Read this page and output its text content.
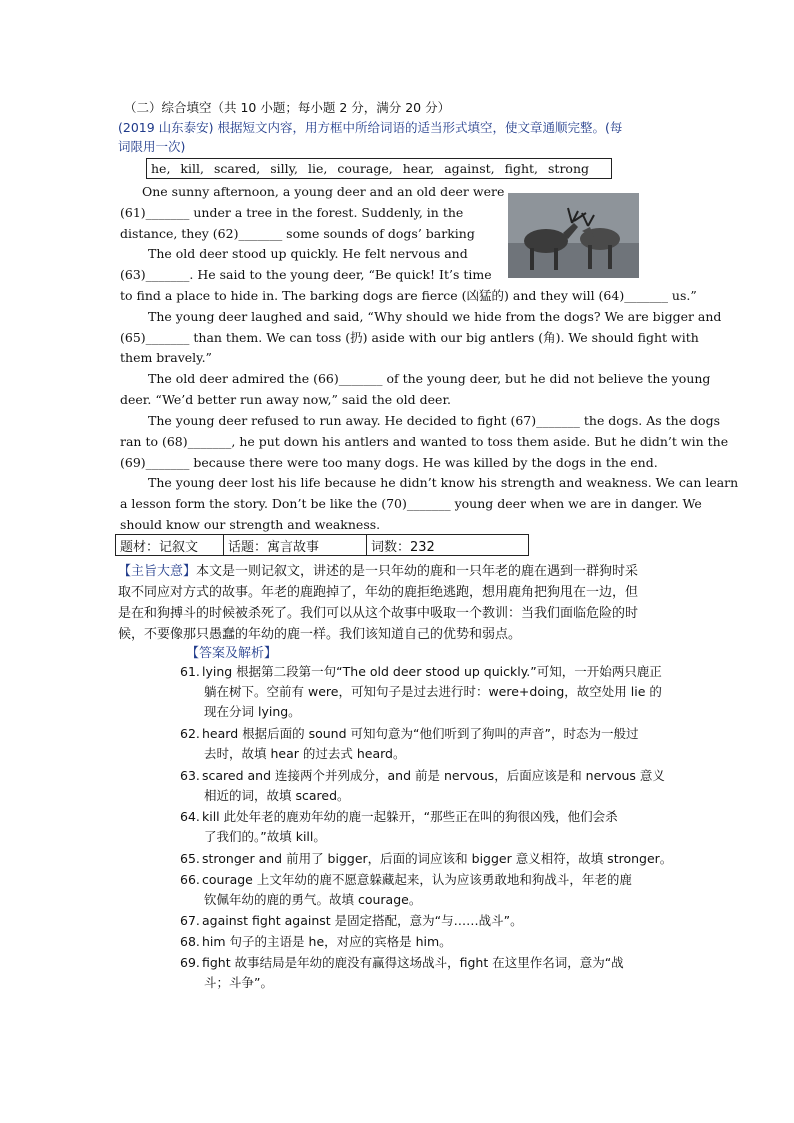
（二）综合填空（共 10 小题；每小题 2 分，满分 20 分）
(2019 山东泰安) 根据短文内容，用方框中所给词语的适当形式填空，使文章通顺完整。(每
词限用一次)
he, kill, scared, silly, lie, courage, hear, against, fight, strong
One sunny afternoon, a young deer and an old deer were
(61)_______ under a tree in the forest. Suddenly, in the
distance, they (62)_______ some sounds of dogs’ barking
The old deer stood up quickly. He felt nervous and
(63)_______. He said to the young deer, “Be quick! It’s time
to find a place to hide in. The barking dogs are fierce (凶猛的) and they will (64)_______ us.”
The young deer laughed and said, “Why should we hide from the dogs? We are bigger and
(65)_______ than them. We can toss (扔) aside with our big antlers (角). We should fight with
them bravely.”
The old deer admired the (66)_______ of the young deer, but he did not believe the young
deer. “We’d better run away now,” said the old deer.
The young deer refused to run away. He decided to fight (67)_______ the dogs. As the dogs
ran to (68)_______, he put down his antlers and wanted to toss them aside. But he didn’t win the
(69)_______ because there were too many dogs. He was killed by the dogs in the end.
The young deer lost his life because he didn’t know his strength and weakness. We can learn
a lesson form the story. Don’t be like the (70)_______ young deer when we are in danger. We
should know our strength and weakness.
题材：记叙文	话题：寓言故事	词数：232
【主旨大意】本文是一则记叙文，讲述的是一只年幼的鹿和一只年老的鹿在遇到一群狗时采
取不同应对方式的故事。年老的鹿跑掉了，年幼的鹿拒绝逃跑，想用鹿角把狗甩在一边，但
是在和狗搏斗的时候被杀死了。我们可以从这个故事中吸取一个教训：当我们面临危险的时
候，不要像那只愚蠢的年幼的鹿一样。我们该知道自己的优势和弱点。
【答案及解析】
61. lying 根据第二段第一句“The old deer stood up quickly.”可知，一开始两只鹿正
躺在树下。空前有 were，可知句子是过去进行时：were+doing，故空处用 lie 的
现在分词 lying。
62. heard 根据后面的 sound 可知句意为“他们听到了狗叫的声音”，时态为一般过
去时，故填 hear 的过去式 heard。
63. scared and 连接两个并列成分，and 前是 nervous，后面应该是和 nervous 意义
相近的词，故填 scared。
64. kill 此处年老的鹿劝年幼的鹿一起躲开，“那些正在叫的狗很凶残，他们会杀
了我们的。”故填 kill。
65. stronger and 前用了 bigger，后面的词应该和 bigger 意义相符，故填 stronger。
66. courage 上文年幼的鹿不愿意躲藏起来，认为应该勇敢地和狗战斗，年老的鹿
钦佩年幼的鹿的勇气。故填 courage。
67. against fight against 是固定搭配，意为“与……战斗”。
68. him 句子的主语是 he，对应的宾格是 him。
69. fight 故事结局是年幼的鹿没有赢得这场战斗，fight 在这里作名词，意为“战
斗；斗争”。
